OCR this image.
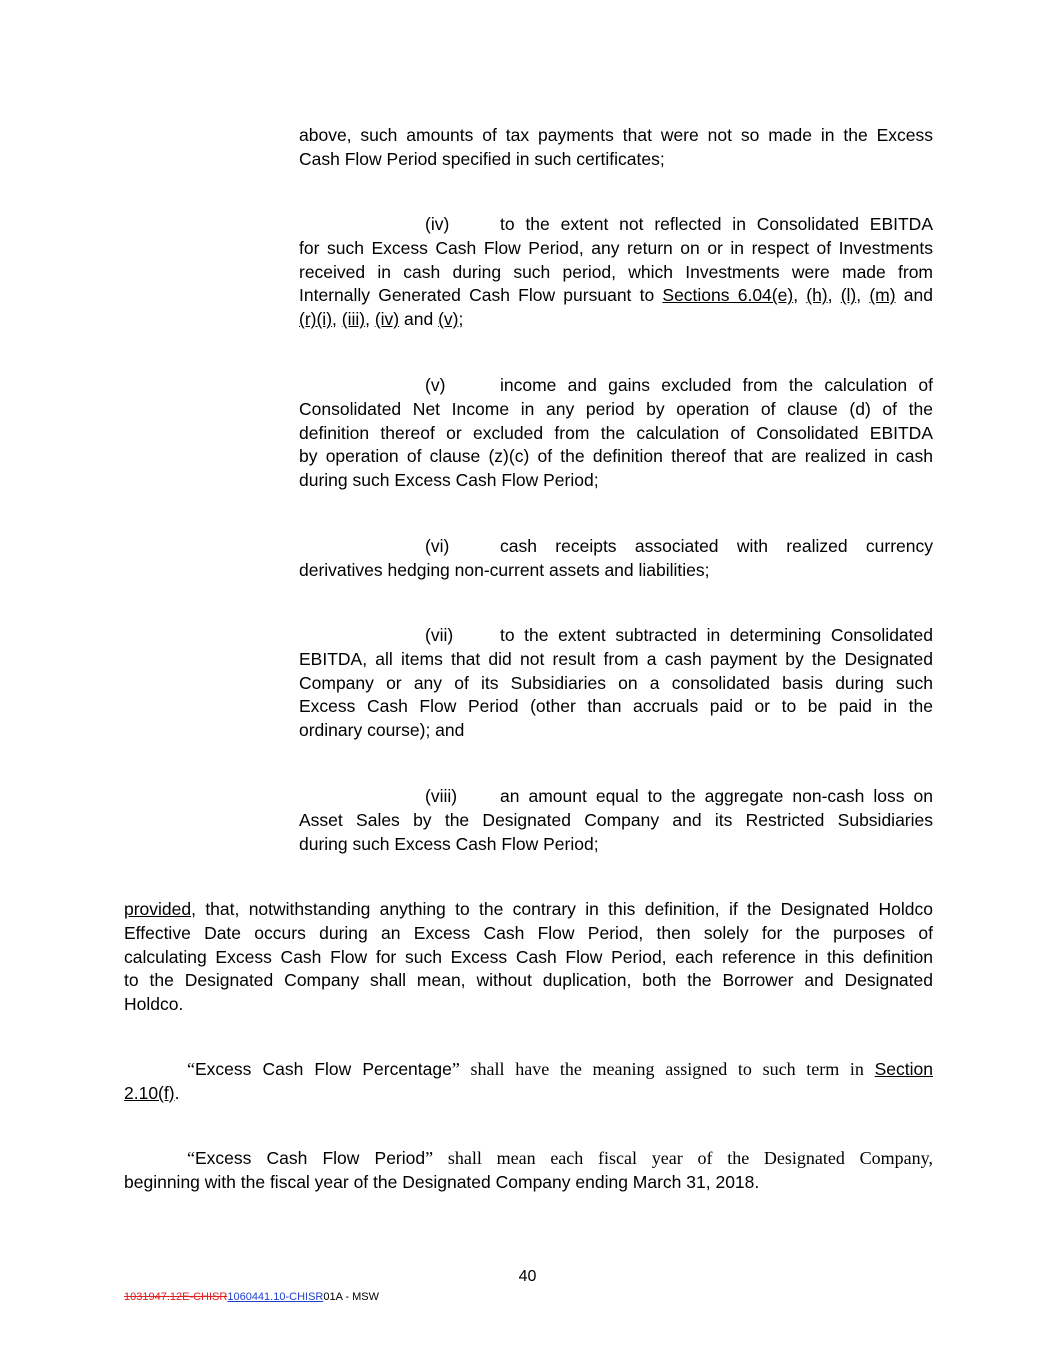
above, such amounts of tax payments that were not so made in the Excess
Cash Flow Period specified in such certificates;
(iv)	to the extent not reflected in Consolidated EBITDA
for such Excess Cash Flow Period, any return on or in respect of Investments
received in cash during such period, which Investments were made from
Internally Generated Cash Flow pursuant to Sections 6.04(e), (h), (l), (m) and
(r)(i), (iii), (iv) and (v);
(v)	income and gains excluded from the calculation of
Consolidated Net Income in any period by operation of clause (d) of the
definition thereof or excluded from the calculation of Consolidated EBITDA
by operation of clause (z)(c) of the definition thereof that are realized in cash
during such Excess Cash Flow Period;
(vi)	cash receipts associated with realized currency
derivatives hedging non-current assets and liabilities;
(vii)	to the extent subtracted in determining Consolidated
EBITDA, all items that did not result from a cash payment by the Designated
Company or any of its Subsidiaries on a consolidated basis during such
Excess Cash Flow Period (other than accruals paid or to be paid in the
ordinary course); and
(viii) an amount equal to the aggregate non-cash loss on
Asset Sales by the Designated Company and its Restricted Subsidiaries
during such Excess Cash Flow Period;
provided, that, notwithstanding anything to the contrary in this definition, if the Designated Holdco
Effective Date occurs during an Excess Cash Flow Period, then solely for the purposes of
calculating Excess Cash Flow for such Excess Cash Flow Period, each reference in this definition
to the Designated Company shall mean, without duplication, both the Borrower and Designated
Holdco.
“Excess Cash Flow Percentage” shall have the meaning assigned to such term in Section
2.10(f).
“Excess Cash Flow Period” shall mean each fiscal year of the Designated Company,
beginning with the fiscal year of the Designated Company ending March 31, 2018.
40
1031947.12E-CHISR1060441.10-CHISR01A - MSW
